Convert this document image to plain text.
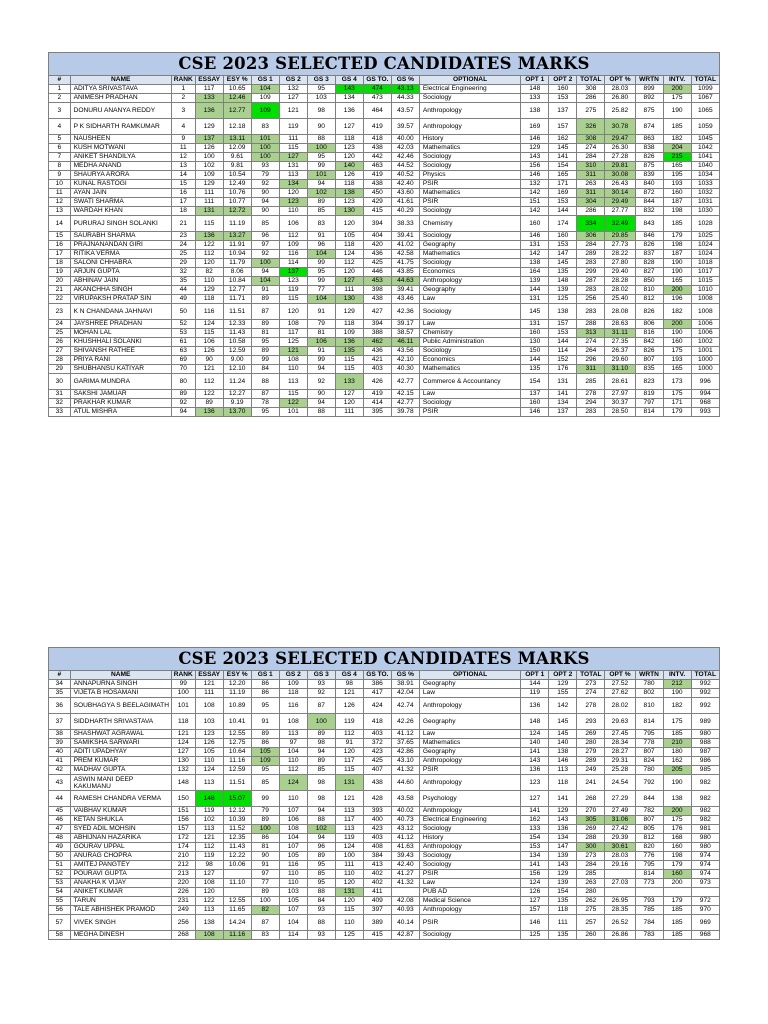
CSE 2023 SELECTED CANDIDATES MARKS																		
#	NAME	RANK	ESSAY	ESY %	GS 1	GS 2	GS 3	GS 4	GS TO.	GS %	OPTIONAL	OPT 1	OPT 2	TOTAL	OPT %	WRTN	INTV.	TOTAL
1	ADITYA SRIVASTAVA	1	117	10.65	104	132	95	143	474	43.13	Electrical Engineering	148	160	308	28.03	899	200	1099
2	ANIMESH PRADHAN	2	133	12.46	109	127	103	134	473	44.33	Sociology	133	153	286	26.80	892	175	1067
3	DONURU ANANYA REDDY	3	136	12.77	109	121	98	136	464	43.57	Anthropology	138	137	275	25.82	875	190	1065
4	P K SIDHARTH RAMKUMAR	4	129	12.18	83	119	90	127	419	39.57	Anthropology	169	157	326	30.78	874	185	1059
5	NAUSHEEN	9	137	13.11	101	111	88	118	418	40.00	History	146	162	308	29.47	863	182	1045
6	KUSH MOTWANI	11	126	12.09	100	115	100	123	438	42.03	Mathematics	129	145	274	26.30	838	204	1042
7	ANIKET SHANDILYA	12	100	9.61	100	127	95	120	442	42.46	Sociology	143	141	284	27.28	826	215	1041
8	MEDHA ANAND	13	102	9.81	93	131	99	140	463	44.52	Sociology	156	154	310	29.81	875	165	1040
9	SHAURYA ARORA	14	109	10.54	79	113	101	126	419	40.52	Physics	146	165	311	30.08	839	195	1034
10	KUNAL RASTOGI	15	129	12.49	92	134	94	118	438	42.40	PSIR	132	171	263	26.43	840	193	1033
11	AYAN JAIN	16	111	10.76	90	120	102	138	450	43.60	Mathematics	142	169	311	30.14	872	160	1032
12	SWATI SHARMA	17	111	10.77	94	123	89	123	429	41.61	PSIR	151	153	304	29.49	844	187	1031
13	WARDAH KHAN	18	131	12.72	90	110	85	130	415	40.29	Sociology	142	144	286	27.77	832	198	1030
14	PURURAJ SINGH SOLANKI	21	115	11.19	85	106	83	120	394	38.33	Chemistry	160	174	334	32.49	843	185	1028
15	SAURABH SHARMA	23	136	13.27	96	112	91	105	404	39.41	Sociology	146	160	306	29.85	846	179	1025
16	PRAJNANANDAN GIRI	24	122	11.91	97	109	96	118	420	41.02	Geography	131	153	284	27.73	826	198	1024
17	RITIKA VERMA	25	112	10.94	92	116	104	124	436	42.58	Mathematics	142	147	289	28.22	837	187	1024
18	SALONI CHHABRA	29	120	11.79	100	114	99	112	425	41.75	Sociology	138	145	283	27.80	828	190	1018
19	ARJUN GUPTA	32	82	8.06	94	137	95	120	446	43.85	Economics	164	135	299	29.40	827	190	1017
20	ABHINAV JAIN	35	110	10.84	104	123	99	127	453	44.63	Anthropology	139	148	287	28.28	850	165	1015
21	AKANCHHA SINGH	44	129	12.77	91	119	77	111	398	39.41	Geography	144	139	283	28.02	810	200	1010
22	VIRUPAKSH PRATAP SIN	49	118	11.71	89	115	104	130	438	43.46	Law	131	125	256	25.40	812	196	1008
23	K N CHANDANA JAHNAVI	50	116	11.51	87	120	91	129	427	42.36	Sociology	145	138	283	28.08	826	182	1008
24	JAYSHREE PRADHAN	52	124	12.33	89	108	79	118	394	39.17	Law	131	157	288	28.63	806	200	1006
25	MOHAN LAL	53	115	11.43	81	117	81	109	388	38.57	Chemistry	160	153	313	31.11	816	190	1006
26	KHUSHHALI SOLANKI	61	106	10.58	95	125	106	136	462	46.11	Public Administration	130	144	274	27.35	842	160	1002
27	SHIVANSH RATHEE	63	126	12.59	89	121	91	135	436	43.56	Sociology	150	114	264	26.37	826	175	1001
28	PRIYA RANI	69	90	9.00	99	108	99	115	421	42.10	Economics	144	152	296	29.60	807	193	1000
29	SHUBHANSU KATIYAR	70	121	12.10	84	110	94	115	403	40.30	Mathematics	135	176	311	31.10	835	165	1000
30	GARIMA MUNDRA	80	112	11.24	88	113	92	133	426	42.77	Commerce & Accountancy	154	131	285	28.61	823	173	996
31	SAKSHI JAMUAR	89	122	12.27	87	115	90	127	419	42.15	Law	137	141	278	27.97	819	175	994
32	PRAKHAR KUMAR	92	89	9.19	78	122	94	120	414	42.77	Sociology	160	134	294	30.37	797	171	968
33	ATUL MISHRA	94	136	13.70	95	101	88	111	395	39.78	PSIR	146	137	283	28.50	814	179	993
CSE 2023 SELECTED CANDIDATES MARKS																		
#	NAME	RANK	ESSAY	ESY %	GS 1	GS 2	GS 3	GS 4	GS TO.	GS %	OPTIONAL	OPT 1	OPT 2	TOTAL	OPT %	WRTN	INTV.	TOTAL
34	ANNAPURNA SINGH	99	121	12.20	86	109	93	98	386	38.91	Geography	144	129	273	27.52	780	212	992
35	VIJETA B HOSAMANI	100	111	11.19	86	118	92	121	417	42.04	Law	119	155	274	27.62	802	190	992
36	SOUBHAGYA S BEELAGIMATH	101	108	10.89	95	116	87	126	424	42.74	Anthropology	136	142	278	28.02	810	182	992
37	SIDDHARTH SRIVASTAVA	118	103	10.41	91	108	100	119	418	42.26	Geography	148	145	293	29.63	814	175	989
38	SHASHWAT AGRAWAL	121	123	12.55	89	113	89	112	403	41.12	Law	124	145	269	27.45	795	185	980
39	SAMIKSHA SARWARI	124	126	12.75	86	97	98	91	372	37.65	Mathematics	140	140	280	28.34	778	210	988
40	ADITI UPADHYAY	127	105	10.64	105	104	94	120	423	42.86	Geography	141	138	279	28.27	807	180	987
41	PREM KUMAR	130	110	11.16	109	110	89	117	425	43.10	Anthropology	143	146	289	29.31	824	162	986
42	MADHAV GUPTA	132	124	12.59	95	112	85	115	407	41.32	PSIR	136	113	249	25.28	780	205	985
43	ASWIN MANI DEEP KAKUMANU	148	113	11.51	85	124	98	131	438	44.60	Anthropology	123	118	241	24.54	792	190	982
44	RAMESH CHANDRA VERMA	150	148	15.07	99	110	98	121	428	43.58	Psychology	127	141	268	27.29	844	138	982
45	VAIBHAV KUMAR	151	119	12.12	79	107	94	113	393	40.02	Anthropology	141	129	270	27.49	782	200	982
46	KETAN SHUKLA	156	102	10.39	89	106	88	117	400	40.73	Electrical Engineering	162	143	305	31.06	807	175	982
47	SYED ADIL MOHSIN	157	113	11.52	100	108	102	113	423	43.12	Sociology	133	136	269	27.42	805	176	981
48	ABHIJNAN HAZARIKA	172	121	12.35	86	104	94	119	403	41.12	History	154	134	288	29.39	812	168	980
49	GOURAV UPPAL	174	112	11.43	81	107	96	124	408	41.63	Anthropology	153	147	300	30.61	820	160	980
50	ANURAG CHOPRA	210	119	12.22	90	105	89	100	384	39.43	Sociology	134	139	273	28.03	776	198	974
51	AMITEJ PANGTEY	212	98	10.06	91	116	95	111	413	42.40	Sociology	141	143	284	29.16	795	179	974
52	POURAVI GUPTA	213	127		97	110	85	110	402	41.27	PSIR	156	129	285		814	160	974
53	ANAKHA K VIJAY	220	108	11.10	77	110	95	120	402	41.32	Law	124	139	263	27.03	773	200	973
54	ANIKET KUMAR	226	120		89	103	88	131	411		PUB AD	126	154	280				
55	TARUN	231	122	12.55	100	105	84	120	409	42.08	Medical Science	127	135	262	26.95	793	179	972
56	TALE ABHISHEK PRAMOD	249	113	11.65	82	107	93	115	397	40.93	Anthropology	157	118	275	28.35	785	185	970
57	VIVEK SINGH	256	138	14.24	87	104	88	110	389	40.14	PSIR	146	111	257	26.52	784	185	969
58	MEGHA DINESH	268	108	11.16	83	114	93	125	415	42.87	Sociology	125	135	260	26.86	783	185	968
